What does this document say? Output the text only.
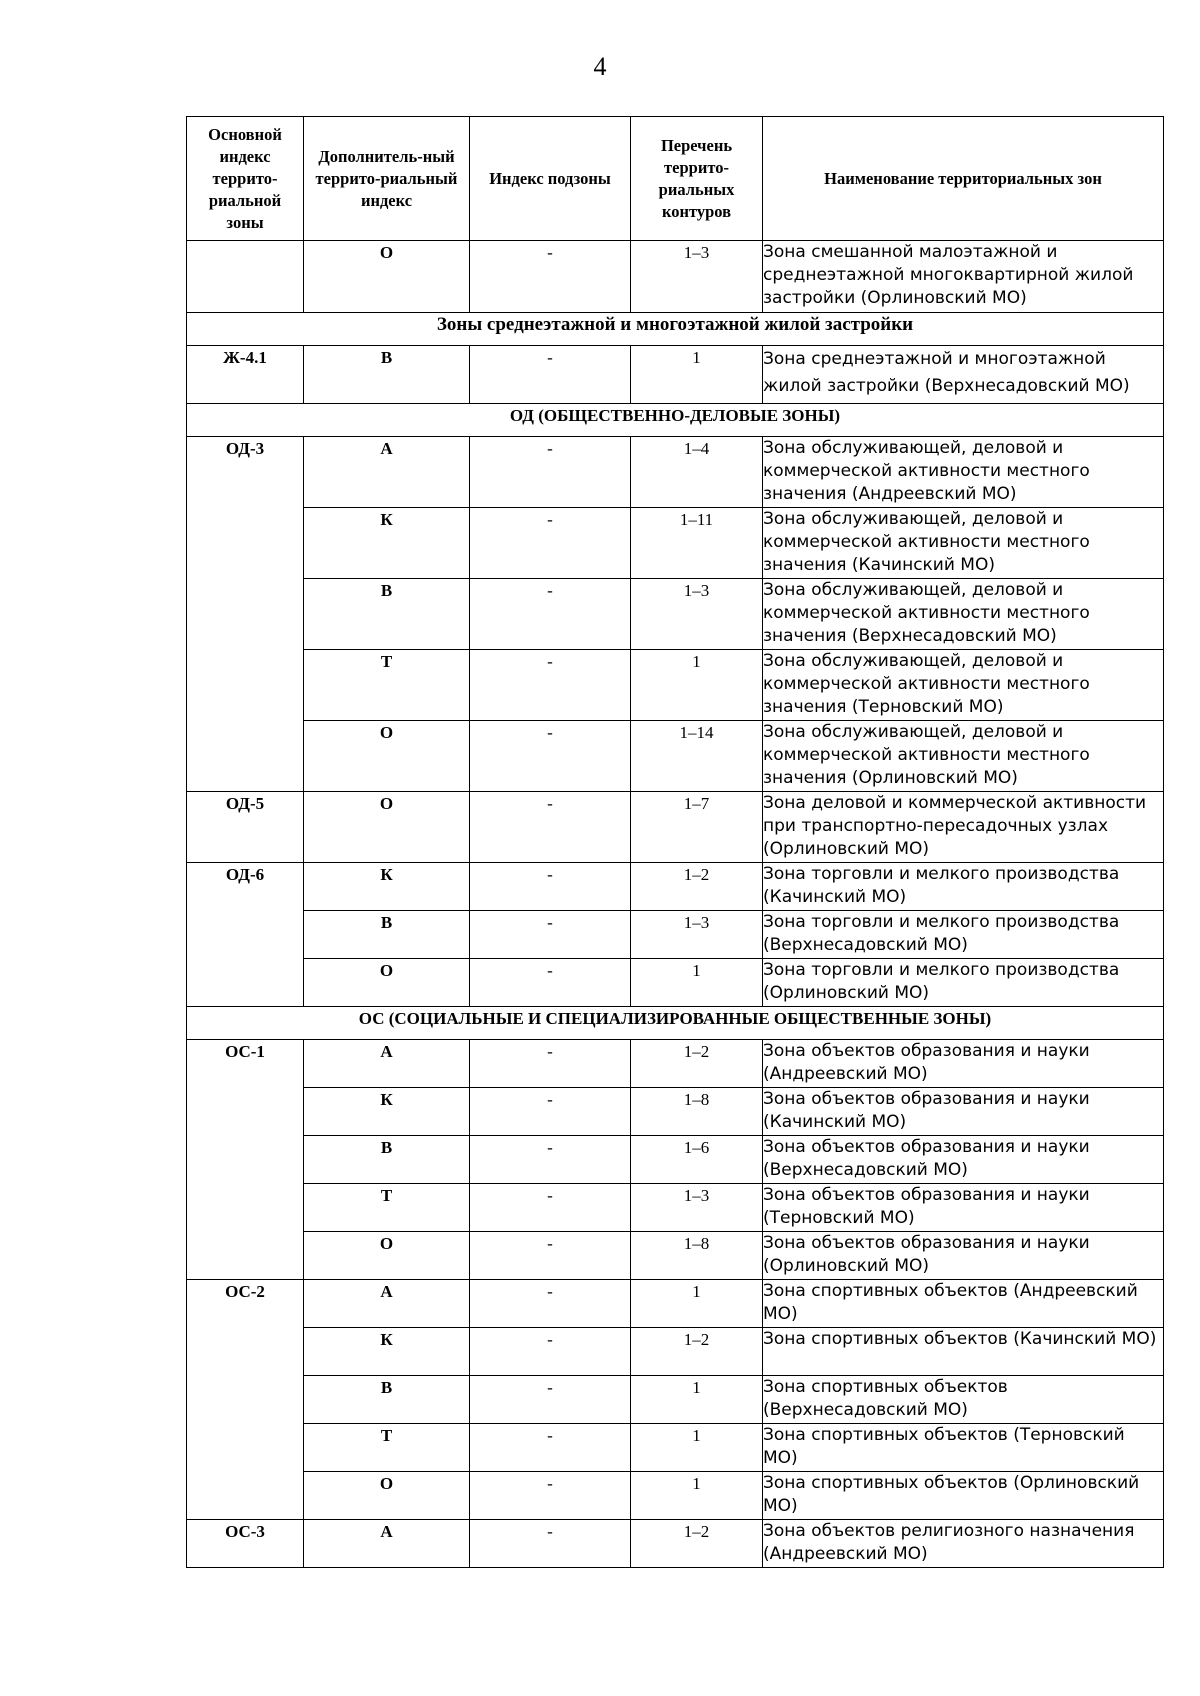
4
Основной индекс террито-риальной зоны	Дополнитель-ный террито-риальный индекс	Индекс подзоны	Перечень террито-риальных контуров	Наименование территориальных зон
	О	-	1–3	Зона смешанной малоэтажной и среднеэтажной многоквартирной жилой застройки (Орлиновский МО)
Зоны среднеэтажной и многоэтажной жилой застройки				
Ж-4.1	В	-	1	Зона среднеэтажной и многоэтажной жилой застройки (Верхнесадовский МО)
ОД (ОБЩЕСТВЕННО-ДЕЛОВЫЕ ЗОНЫ)				
ОД-3	А	-	1–4	Зона обслуживающей, деловой и коммерческой активности местного значения (Андреевский МО)
	К	-	1–11	Зона обслуживающей, деловой и коммерческой активности местного значения (Качинский МО)
	В	-	1–3	Зона обслуживающей, деловой и коммерческой активности местного значения (Верхнесадовский МО)
	Т	-	1	Зона обслуживающей, деловой и коммерческой активности местного значения (Терновский МО)
	О	-	1–14	Зона обслуживающей, деловой и коммерческой активности местного значения (Орлиновский МО)
ОД-5	О	-	1–7	Зона деловой и коммерческой активности при транспортно-пересадочных узлах (Орлиновский МО)
ОД-6	К	-	1–2	Зона торговли и мелкого производства (Качинский МО)
	В	-	1–3	Зона торговли и мелкого производства (Верхнесадовский МО)
	О	-	1	Зона торговли и мелкого производства (Орлиновский МО)
ОС (СОЦИАЛЬНЫЕ И СПЕЦИАЛИЗИРОВАННЫЕ ОБЩЕСТВЕННЫЕ ЗОНЫ)				
ОС-1	А	-	1–2	Зона объектов образования и науки (Андреевский МО)
	К	-	1–8	Зона объектов образования и науки (Качинский МО)
	В	-	1–6	Зона объектов образования и науки (Верхнесадовский МО)
	Т	-	1–3	Зона объектов образования и науки (Терновский МО)
	О	-	1–8	Зона объектов образования и науки (Орлиновский МО)
ОС-2	А	-	1	Зона спортивных объектов (Андреевский МО)
	К	-	1–2	Зона спортивных объектов (Качинский МО)
	В	-	1	Зона спортивных объектов (Верхнесадовский МО)
	Т	-	1	Зона спортивных объектов (Терновский МО)
	О	-	1	Зона спортивных объектов (Орлиновский МО)
ОС-3	А	-	1–2	Зона объектов религиозного назначения (Андреевский МО)
